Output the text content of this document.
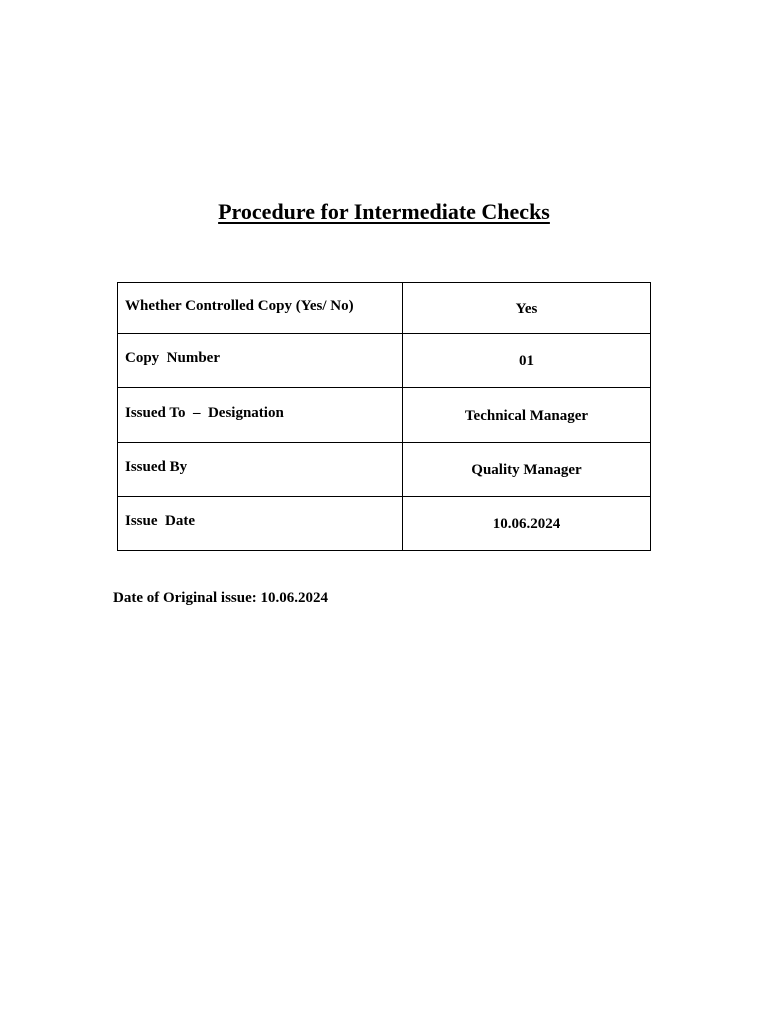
Procedure for Intermediate Checks
Whether Controlled Copy (Yes/ No)	Yes
Copy  Number	01
Issued To  –  Designation	Technical Manager
Issued By	Quality Manager
Issue  Date	10.06.2024
Date of Original issue: 10.06.2024
